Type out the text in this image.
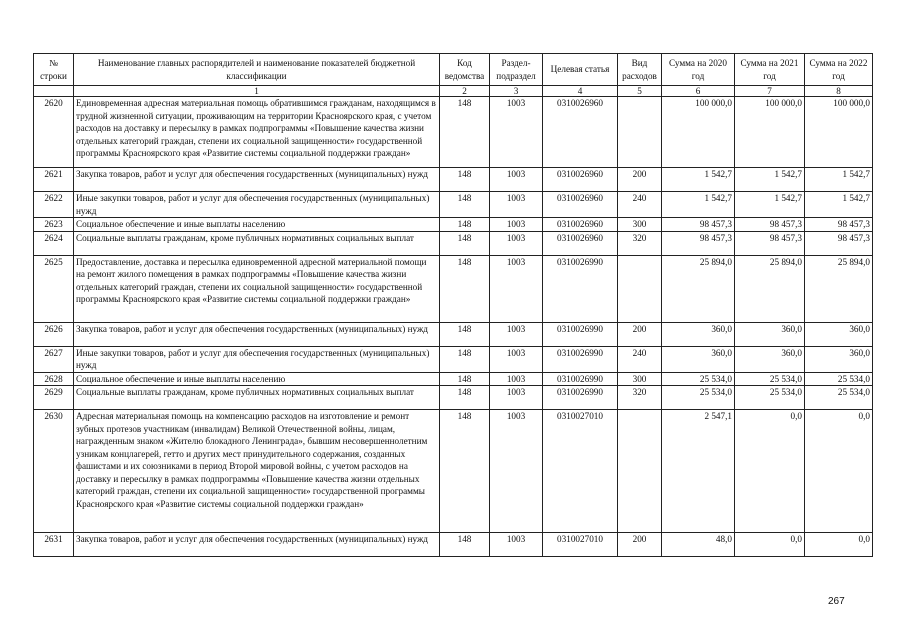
№ строки	Наименование главных распорядителей и наименование показателей бюджетной классификации	Код ведомства	Раздел-подраздел	Целевая статья	Вид расходов	Сумма на 2020 год	Сумма на 2021 год	Сумма на 2022 год
	1	2	3	4	5	6	7	8
2620	Единовременная адресная материальная помощь обратившимся гражданам, находящимся в трудной жизненной ситуации, проживающим на территории Красноярского края, с учетом расходов на доставку и пересылку в рамках подпрограммы «Повышение качества жизни отдельных категорий граждан, степени их социальной защищенности» государственной программы Красноярского края «Развитие системы социальной поддержки граждан»	148	1003	0310026960		100 000,0	100 000,0	100 000,0
2621	Закупка товаров, работ и услуг для обеспечения государственных (муниципальных) нужд	148	1003	0310026960	200	1 542,7	1 542,7	1 542,7
2622	Иные закупки товаров, работ и услуг для обеспечения государственных (муниципальных) нужд	148	1003	0310026960	240	1 542,7	1 542,7	1 542,7
2623	Социальное обеспечение и иные выплаты населению	148	1003	0310026960	300	98 457,3	98 457,3	98 457,3
2624	Социальные выплаты гражданам, кроме публичных нормативных социальных выплат	148	1003	0310026960	320	98 457,3	98 457,3	98 457,3
2625	Предоставление, доставка и пересылка единовременной адресной материальной помощи на ремонт жилого помещения в рамках подпрограммы «Повышение качества жизни отдельных категорий граждан, степени их социальной защищенности» государственной программы Красноярского края «Развитие системы социальной поддержки граждан»	148	1003	0310026990		25 894,0	25 894,0	25 894,0
2626	Закупка товаров, работ и услуг для обеспечения государственных (муниципальных) нужд	148	1003	0310026990	200	360,0	360,0	360,0
2627	Иные закупки товаров, работ и услуг для обеспечения государственных (муниципальных) нужд	148	1003	0310026990	240	360,0	360,0	360,0
2628	Социальное обеспечение и иные выплаты населению	148	1003	0310026990	300	25 534,0	25 534,0	25 534,0
2629	Социальные выплаты гражданам, кроме публичных нормативных социальных выплат	148	1003	0310026990	320	25 534,0	25 534,0	25 534,0
2630	Адресная материальная помощь на компенсацию расходов на изготовление и ремонт зубных протезов участникам (инвалидам) Великой Отечественной войны, лицам, награжденным знаком «Жителю блокадного Ленинграда», бывшим несовершеннолетним узникам концлагерей, гетто и других мест принудительного содержания, созданных фашистами и их союзниками в период Второй мировой войны, с учетом расходов на доставку и пересылку в рамках подпрограммы «Повышение качества жизни отдельных категорий граждан, степени их социальной защищенности» государственной программы Красноярского края «Развитие системы социальной поддержки граждан»	148	1003	0310027010		2 547,1	0,0	0,0
2631	Закупка товаров, работ и услуг для обеспечения государственных (муниципальных) нужд	148	1003	0310027010	200	48,0	0,0	0,0
267
